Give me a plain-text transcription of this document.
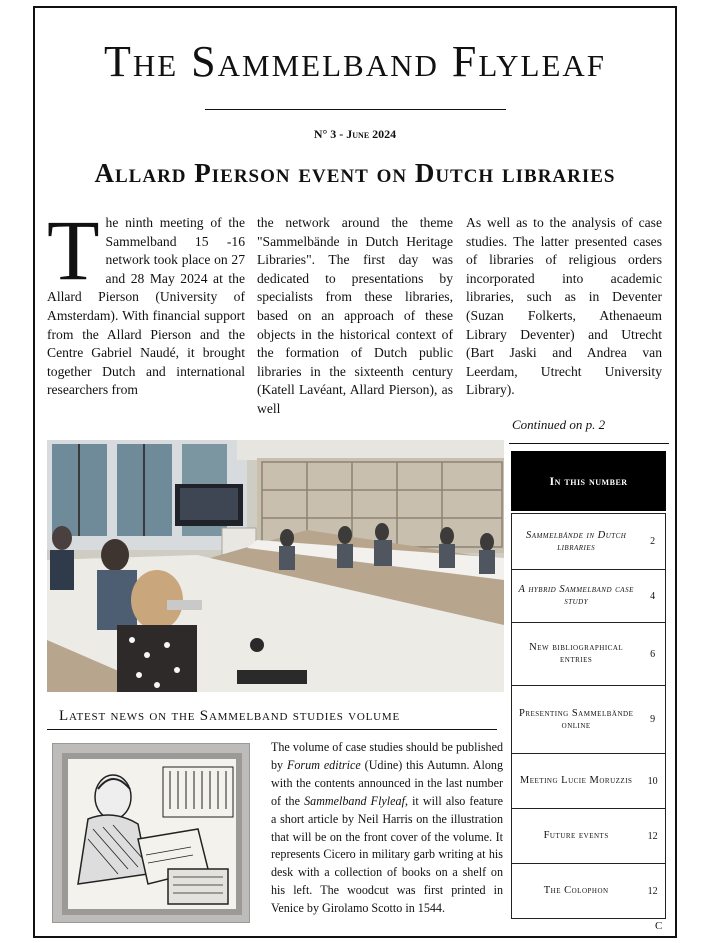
The Sammelband Flyleaf
N° 3 - June 2024
Allard Pierson event on Dutch libraries
The ninth meeting of the Sammelband 15 -16 network took place on 27 and 28 May 2024 at the Allard Pierson (University of Amsterdam). With financial support from the Allard Pierson and the Centre Gabriel Naudé, it brought together Dutch and international researchers from
the network around the theme "Sammelbände in Dutch Heritage Libraries". The first day was dedicated to presentations by specialists from these libraries, based on an approach of these objects in the historical context of the formation of Dutch public libraries in the sixteenth century (Katell Lavéant, Allard Pierson), as well
As well as to the analysis of case studies. The latter presented cases of libraries of religious orders incorporated into academic libraries, such as in Deventer (Suzan Folkerts, Athenaeum Library Deventer) and Utrecht (Bart Jaski and Andrea van Leerdam, Utrecht University Library).
Continued on p. 2
In this number
Sammelbände in Dutch libraries	2
A hybrid Sammelband case study	4
New bibliographical entries	6
Presenting Sammelbände online	9
Meeting Lucie Moruzzis	10
Future events	12
The Colophon	12
Latest news on the Sammelband studies volume
The volume of case studies should be published by Forum editrice (Udine) this Autumn. Along with the contents announced in the last number of the Sammelband Flyleaf, it will also feature a short article by Neil Harris on the illustration that will be on the front cover of the volume. It represents Cicero in military garb writing at his desk with a collection of books on a shelf on his left. The woodcut was first printed in Venice by Girolamo Scotto in 1544.
C
